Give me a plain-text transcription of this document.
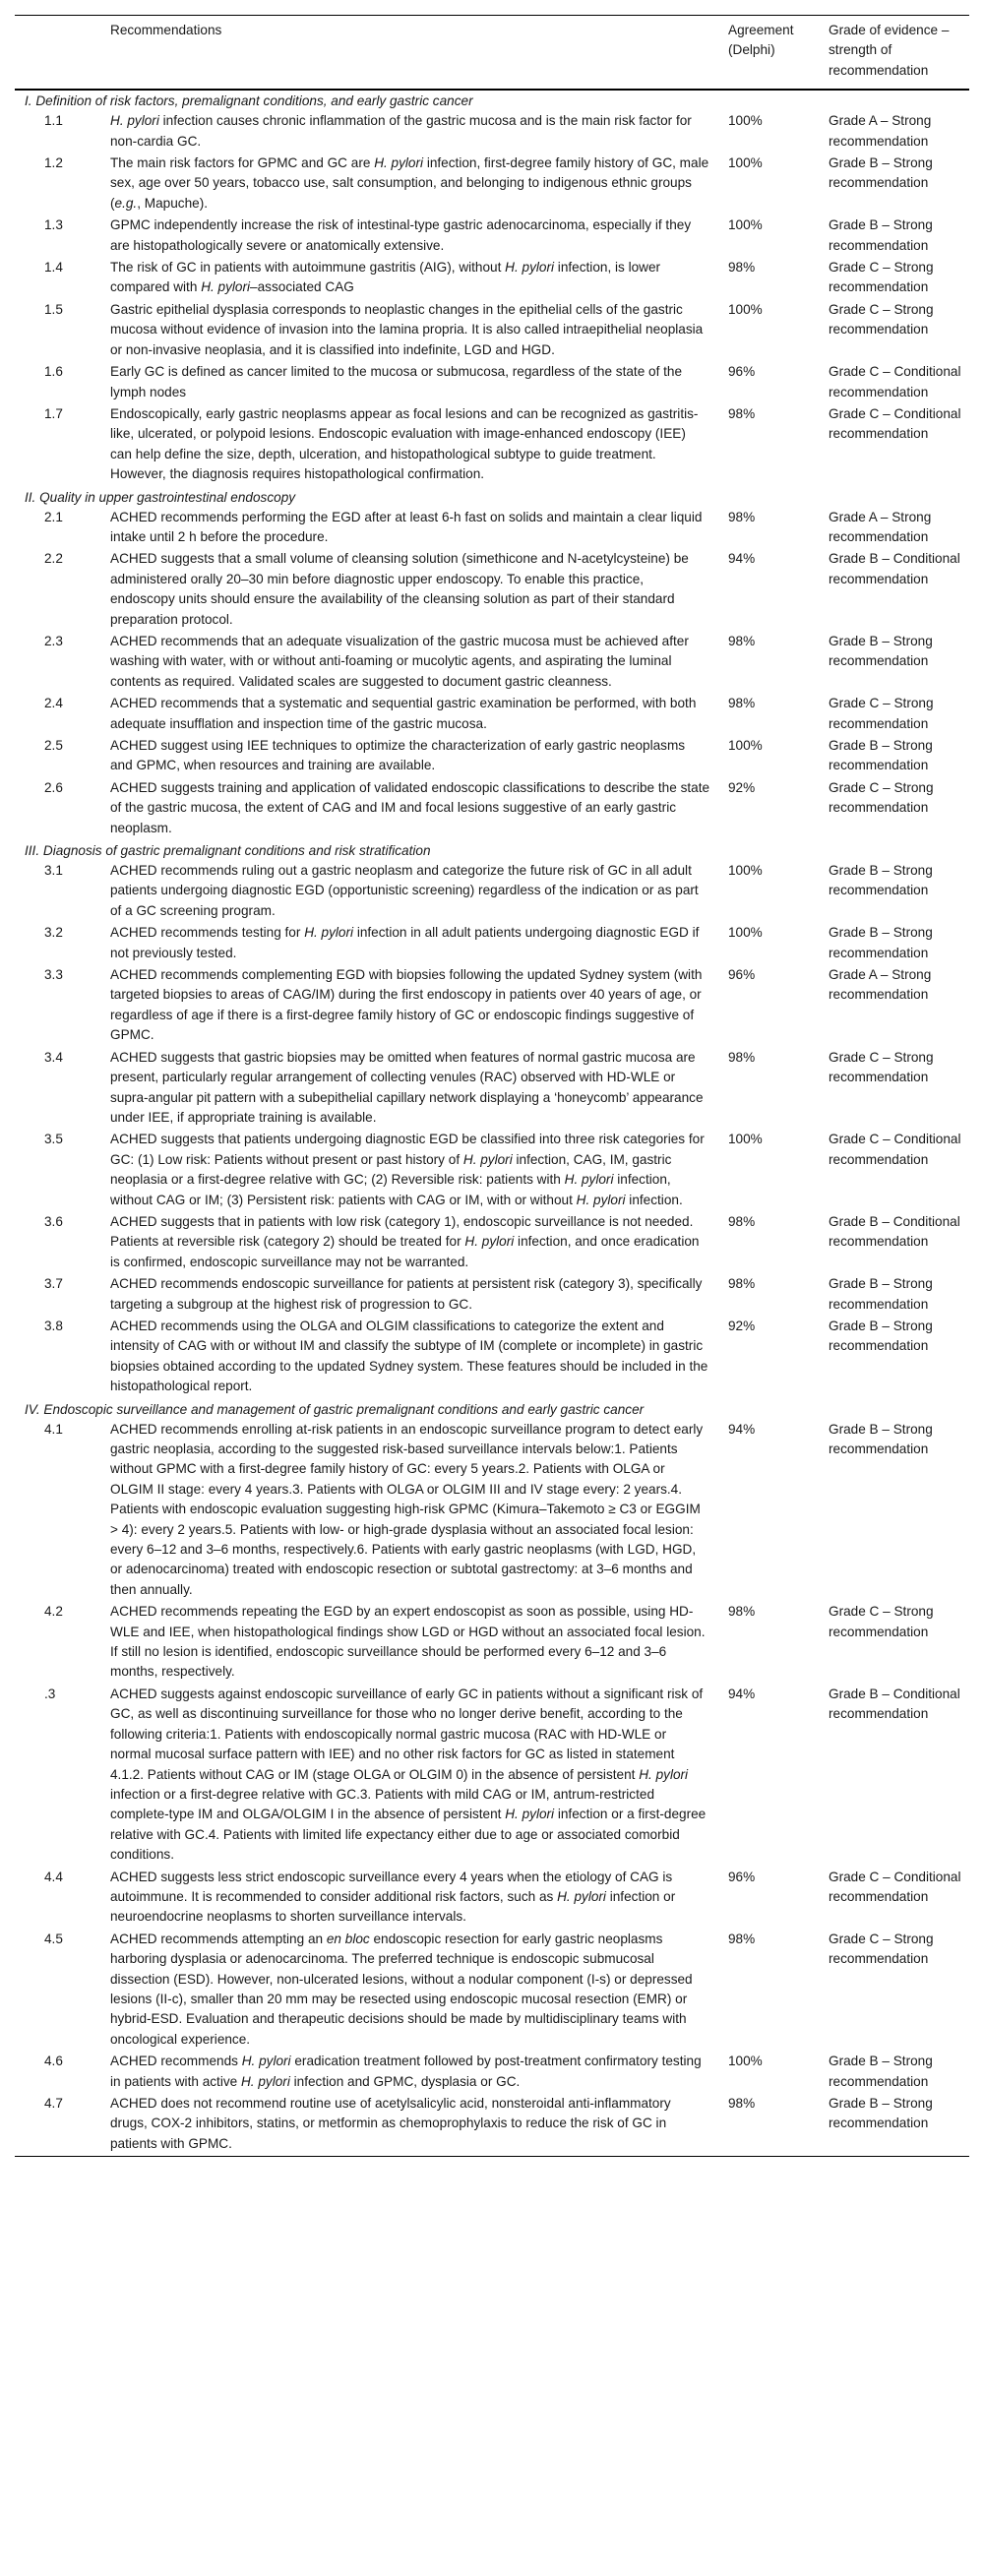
	Recommendations	Agreement (Delphi)	Grade of evidence – strength of recommendation
I. Definition of risk factors, premalignant conditions, and early gastric cancer			
1.1	H. pylori infection causes chronic inflammation of the gastric mucosa and is the main risk factor for non-cardia GC.	100%	Grade A – Strong recommendation
1.2	The main risk factors for GPMC and GC are H. pylori infection, first-degree family history of GC, male sex, age over 50 years, tobacco use, salt consumption, and belonging to indigenous ethnic groups (e.g., Mapuche).	100%	Grade B – Strong recommendation
1.3	GPMC independently increase the risk of intestinal-type gastric adenocarcinoma, especially if they are histopathologically severe or anatomically extensive.	100%	Grade B – Strong recommendation
1.4	The risk of GC in patients with autoimmune gastritis (AIG), without H. pylori infection, is lower compared with H. pylori–associated CAG	98%	Grade C – Strong recommendation
1.5	Gastric epithelial dysplasia corresponds to neoplastic changes in the epithelial cells of the gastric mucosa without evidence of invasion into the lamina propria. It is also called intraepithelial neoplasia or non-invasive neoplasia, and it is classified into indefinite, LGD and HGD.	100%	Grade C – Strong recommendation
1.6	Early GC is defined as cancer limited to the mucosa or submucosa, regardless of the state of the lymph nodes	96%	Grade C – Conditional recommendation
1.7	Endoscopically, early gastric neoplasms appear as focal lesions and can be recognized as gastritis-like, ulcerated, or polypoid lesions. Endoscopic evaluation with image-enhanced endoscopy (IEE) can help define the size, depth, ulceration, and histopathological subtype to guide treatment. However, the diagnosis requires histopathological confirmation.	98%	Grade C – Conditional recommendation
II. Quality in upper gastrointestinal endoscopy			
2.1	ACHED recommends performing the EGD after at least 6-h fast on solids and maintain a clear liquid intake until 2 h before the procedure.	98%	Grade A – Strong recommendation
2.2	ACHED suggests that a small volume of cleansing solution (simethicone and N-acetylcysteine) be administered orally 20–30 min before diagnostic upper endoscopy. To enable this practice, endoscopy units should ensure the availability of the cleansing solution as part of their standard preparation protocol.	94%	Grade B – Conditional recommendation
2.3	ACHED recommends that an adequate visualization of the gastric mucosa must be achieved after washing with water, with or without anti-foaming or mucolytic agents, and aspirating the luminal contents as required. Validated scales are suggested to document gastric cleanness.	98%	Grade B – Strong recommendation
2.4	ACHED recommends that a systematic and sequential gastric examination be performed, with both adequate insufflation and inspection time of the gastric mucosa.	98%	Grade C – Strong recommendation
2.5	ACHED suggest using IEE techniques to optimize the characterization of early gastric neoplasms and GPMC, when resources and training are available.	100%	Grade B – Strong recommendation
2.6	ACHED suggests training and application of validated endoscopic classifications to describe the state of the gastric mucosa, the extent of CAG and IM and focal lesions suggestive of an early gastric neoplasm.	92%	Grade C – Strong recommendation
III. Diagnosis of gastric premalignant conditions and risk stratification			
3.1	ACHED recommends ruling out a gastric neoplasm and categorize the future risk of GC in all adult patients undergoing diagnostic EGD (opportunistic screening) regardless of the indication or as part of a GC screening program.	100%	Grade B – Strong recommendation
3.2	ACHED recommends testing for H. pylori infection in all adult patients undergoing diagnostic EGD if not previously tested.	100%	Grade B – Strong recommendation
3.3	ACHED recommends complementing EGD with biopsies following the updated Sydney system (with targeted biopsies to areas of CAG/IM) during the first endoscopy in patients over 40 years of age, or regardless of age if there is a first-degree family history of GC or endoscopic findings suggestive of GPMC.	96%	Grade A – Strong recommendation
3.4	ACHED suggests that gastric biopsies may be omitted when features of normal gastric mucosa are present, particularly regular arrangement of collecting venules (RAC) observed with HD-WLE or supra-angular pit pattern with a subepithelial capillary network displaying a ‘honeycomb’ appearance under IEE, if appropriate training is available.	98%	Grade C – Strong recommendation
3.5	ACHED suggests that patients undergoing diagnostic EGD be classified into three risk categories for GC: (1) Low risk: Patients without present or past history of H. pylori infection, CAG, IM, gastric neoplasia or a first-degree relative with GC; (2) Reversible risk: patients with H. pylori infection, without CAG or IM; (3) Persistent risk: patients with CAG or IM, with or without H. pylori infection.	100%	Grade C – Conditional recommendation
3.6	ACHED suggests that in patients with low risk (category 1), endoscopic surveillance is not needed. Patients at reversible risk (category 2) should be treated for H. pylori infection, and once eradication is confirmed, endoscopic surveillance may not be warranted.	98%	Grade B – Conditional recommendation
3.7	ACHED recommends endoscopic surveillance for patients at persistent risk (category 3), specifically targeting a subgroup at the highest risk of progression to GC.	98%	Grade B – Strong recommendation
3.8	ACHED recommends using the OLGA and OLGIM classifications to categorize the extent and intensity of CAG with or without IM and classify the subtype of IM (complete or incomplete) in gastric biopsies obtained according to the updated Sydney system. These features should be included in the histopathological report.	92%	Grade B – Strong recommendation
IV. Endoscopic surveillance and management of gastric premalignant conditions and early gastric cancer			
4.1	ACHED recommends enrolling at-risk patients in an endoscopic surveillance program to detect early gastric neoplasia, according to the suggested risk-based surveillance intervals below:1. Patients without GPMC with a first-degree family history of GC: every 5 years.2. Patients with OLGA or OLGIM II stage: every 4 years.3. Patients with OLGA or OLGIM III and IV stage every: 2 years.4. Patients with endoscopic evaluation suggesting high-risk GPMC (Kimura–Takemoto ≥ C3 or EGGIM > 4): every 2 years.5. Patients with low- or high-grade dysplasia without an associated focal lesion: every 6–12 and 3–6 months, respectively.6. Patients with early gastric neoplasms (with LGD, HGD, or adenocarcinoma) treated with endoscopic resection or subtotal gastrectomy: at 3–6 months and then annually.	94%	Grade B – Strong recommendation
4.2	ACHED recommends repeating the EGD by an expert endoscopist as soon as possible, using HD-WLE and IEE, when histopathological findings show LGD or HGD without an associated focal lesion. If still no lesion is identified, endoscopic surveillance should be performed every 6–12 and 3–6 months, respectively.	98%	Grade C – Strong recommendation
.3	ACHED suggests against endoscopic surveillance of early GC in patients without a significant risk of GC, as well as discontinuing surveillance for those who no longer derive benefit, according to the following criteria:1. Patients with endoscopically normal gastric mucosa (RAC with HD-WLE or normal mucosal surface pattern with IEE) and no other risk factors for GC as listed in statement 4.1.2. Patients without CAG or IM (stage OLGA or OLGIM 0) in the absence of persistent H. pylori infection or a first-degree relative with GC.3. Patients with mild CAG or IM, antrum-restricted complete-type IM and OLGA/OLGIM I in the absence of persistent H. pylori infection or a first-degree relative with GC.4. Patients with limited life expectancy either due to age or associated comorbid conditions.	94%	Grade B – Conditional recommendation
4.4	ACHED suggests less strict endoscopic surveillance every 4 years when the etiology of CAG is autoimmune. It is recommended to consider additional risk factors, such as H. pylori infection or neuroendocrine neoplasms to shorten surveillance intervals.	96%	Grade C – Conditional recommendation
4.5	ACHED recommends attempting an en bloc endoscopic resection for early gastric neoplasms harboring dysplasia or adenocarcinoma. The preferred technique is endoscopic submucosal dissection (ESD). However, non-ulcerated lesions, without a nodular component (I-s) or depressed lesions (II-c), smaller than 20 mm may be resected using endoscopic mucosal resection (EMR) or hybrid-ESD. Evaluation and therapeutic decisions should be made by multidisciplinary teams with oncological experience.	98%	Grade C – Strong recommendation
4.6	ACHED recommends H. pylori eradication treatment followed by post-treatment confirmatory testing in patients with active H. pylori infection and GPMC, dysplasia or GC.	100%	Grade B – Strong recommendation
4.7	ACHED does not recommend routine use of acetylsalicylic acid, nonsteroidal anti-inflammatory drugs, COX-2 inhibitors, statins, or metformin as chemoprophylaxis to reduce the risk of GC in patients with GPMC.	98%	Grade B – Strong recommendation
